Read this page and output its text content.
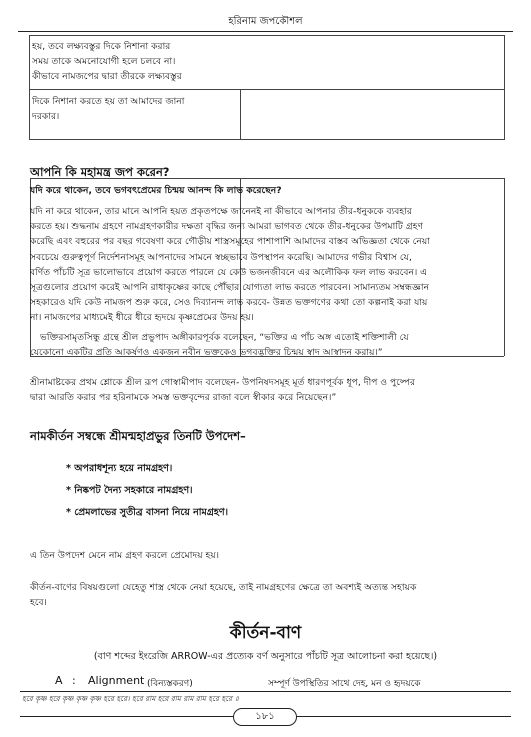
হরিনাম জপকৌশল
হয়, তবে লক্ষ্যবস্তুর দিকে নিশানা করার
সময় তাকে অমনোযোগী হলে চলবে না।
কীভাবে নামজপের দ্বারা তীরকে লক্ষ্যবস্তুর
দিকে নিশানা করতে হয় তা আমাদের জানা
দরকার।
আপনি কি মহামন্ত্র জপ করেন?
যদি করে থাকেন, তবে ভগবৎপ্রেমের চিন্ময় আনন্দ কি লাভ করেছেন?
যদি না করে থাকেন, তার মানে আপনি হয়ত প্রকৃতপক্ষে জানেনই না কীভাবে আপনার তীর-ধনুককে ব্যবহার
করতে হয়। শুদ্ধনাম গ্রহণে নামগ্রহণকারীর দক্ষতা বৃদ্ধির জন্য আমরা ভাগবত থেকে তীর-ধনুকের উপমাটি গ্রহণ
করেছি এবং বহুরের পর বছর গবেষণা করে গৌড়ীয় শাস্ত্রসমূহের পাশাপাশি আমাদের বাস্তব অভিজ্ঞতা থেকে নেয়া
সবচেয়ে গুরুত্বপূর্ণ নির্দেশনাসমূহ আপনাদের সামনে স্বচ্ছভাবে উপস্থাপন করেছি। আমাদের গভীর বিশ্বাস যে,
বর্ণিত পাঁচটি সূত্র ভালোভাবে প্রয়োগ করতে পারলে যে কেউ ভজনজীবনে এর অলৌকিক ফল লাভ করবেন। এ
সূত্রগুলোর প্রয়োগ করেই আপনি রাধাকৃষ্ণের কাছে পৌঁছার যোগ্যতা লাভ করতে পারবেন। সামান্যতম সম্বন্ধজ্ঞান
সহকারেও যদি কেউ নামজপ শুরু করে, সেও দিব্যানন্দ লাভ করবে- উন্নত ভক্তগণের কথা তো কল্পনাই করা যায়
না। নামজপের মাধ্যমেই ধীরে ধীরে হৃদয়ে কৃষ্ণপ্রেমের উদয় হয়।
ভক্তিরসামৃতসিন্ধু গ্রন্থে শ্রীল প্রভুপাদ অঙ্গীকারপূর্বক বলেছেন, “ভক্তির এ পাঁচ অঙ্গ এতোই শক্তিশালী যে
যেকোনো একটির প্রতি আকর্ষণও একজন নবীন ভক্তকেও ভগবদ্ভক্তির চিন্ময় স্বাদ আস্বাদন করায়।”
শ্রীনামাষ্টকের প্রথম শ্লোকে শ্রীল রূপ গোস্বামীপাদ বলেছেন- উপনিষদসমূহ মূর্ত ধারণপূর্বক ধূপ, দীপ ও পুষ্পের
দ্বারা আরতি করার পর হরিনামকে সমস্ত ভক্তবৃন্দের রাজা বলে স্বীকার করে নিয়েছেন।”
নামকীর্তন সম্বন্ধে শ্রীমন্মহাপ্রভুর তিনটি উপদেশ–
* অপরাধশূন্য হয়ে নামগ্রহণ।
* নিষ্কপট দৈন্য সহকারে নামগ্রহণ।
* প্রেমলাভের সুতীব্র বাসনা নিয়ে নামগ্রহণ।
এ তিন উপদেশ মেনে নাম গ্রহণ করলে প্রেমোদয় হয়।
কীর্তন-বাণের বিষয়গুলো যেহেতু শাস্ত্র থেকে নেয়া হয়েছে, তাই নামগ্রহণের ক্ষেত্রে তা অবশ্যই অত্যন্ত সহায়ক
হবে।
কীর্তন-বাণ
(বাণ শব্দের ইংরেজি ARROW-এর প্রত্যেক বর্ণ অনুসারে পাঁচটি সূত্র আলোচনা করা হয়েছে।)
A : Alignment (বিন্যস্তকরণ)	সম্পূর্ণ উপস্থিতির সাথে দেহ, মন ও হৃদয়কে
হরে কৃষ্ণ হরে কৃষ্ণ কৃষ্ণ কৃষ্ণ হরে হরে। হরে রাম হরে রাম রাম রাম হরে হরে ॥
১৮১
